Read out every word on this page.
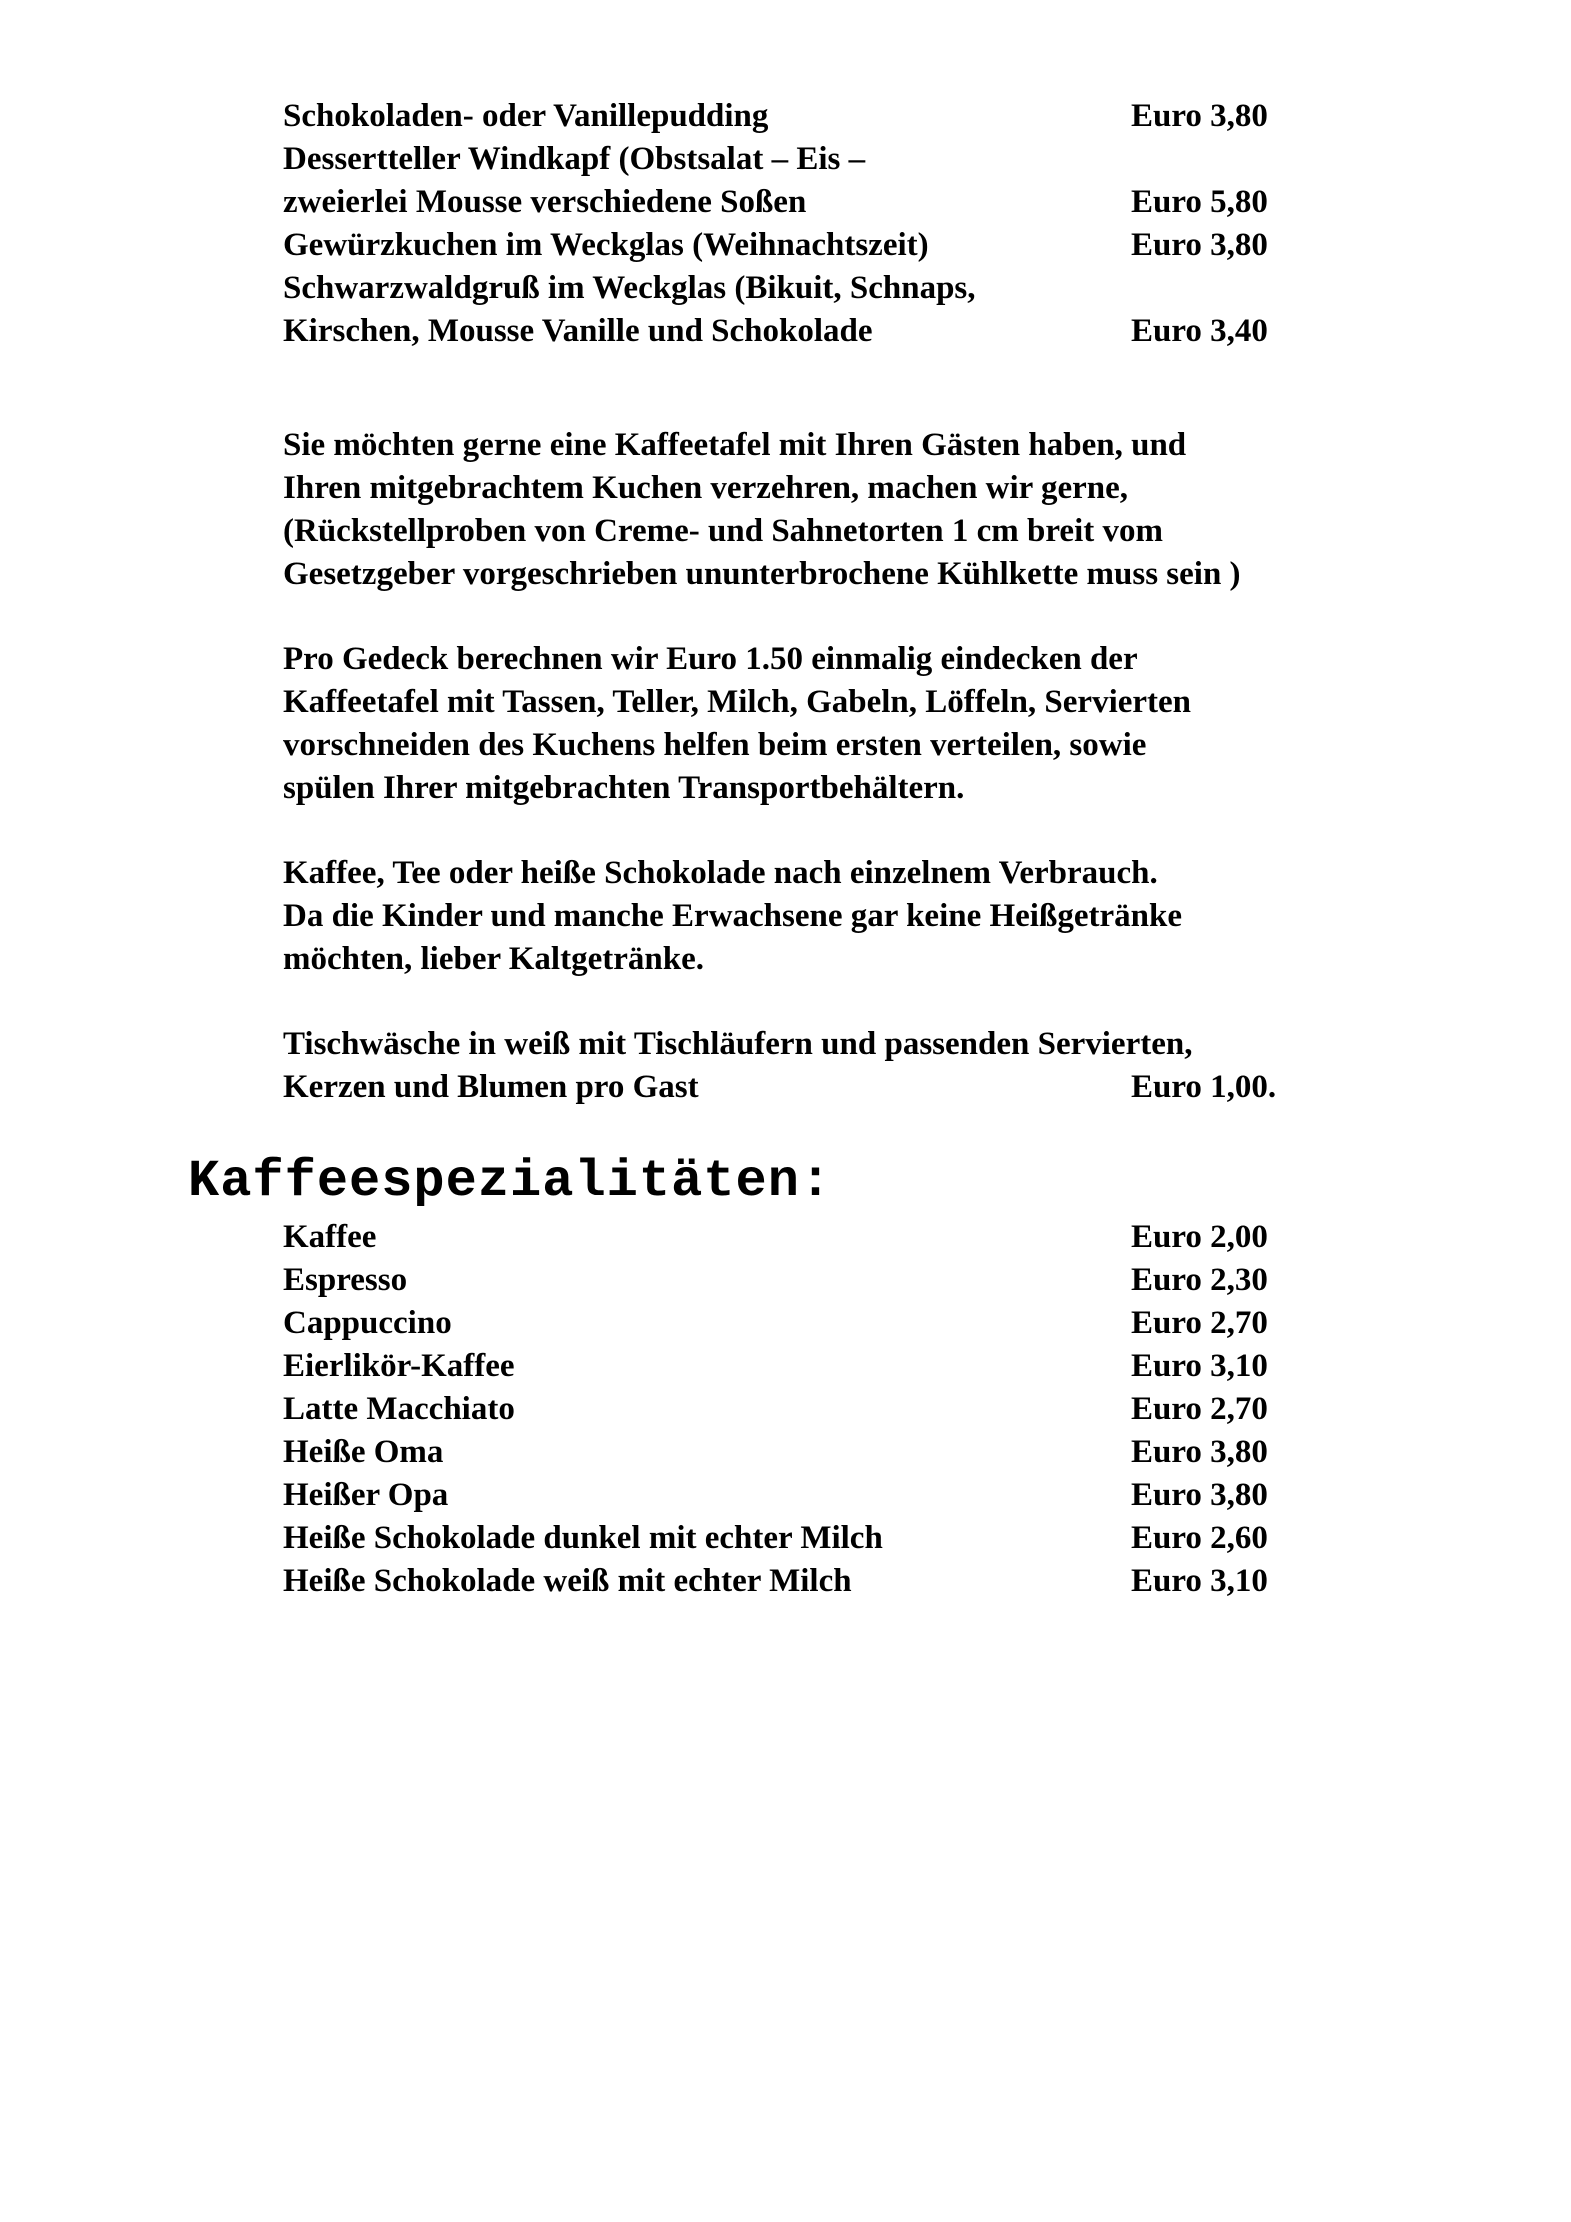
Schokoladen- oder Vanillepudding	Euro 3,80
Dessertteller Windkapf (Obstsalat – Eis –
zweierlei Mousse verschiedene Soßen	Euro 5,80
Gewürzkuchen im Weckglas (Weihnachtszeit)	Euro 3,80
Schwarzwaldgruß im Weckglas (Bikuit, Schnaps,
Kirschen, Mousse Vanille und Schokolade	Euro 3,40
Sie möchten gerne eine Kaffeetafel mit Ihren Gästen haben, und
Ihren mitgebrachtem Kuchen verzehren, machen wir gerne,
(Rückstellproben von Creme- und Sahnetorten 1 cm breit vom
Gesetzgeber vorgeschrieben ununterbrochene Kühlkette muss sein )
Pro Gedeck berechnen wir Euro 1.50 einmalig eindecken der
Kaffeetafel mit Tassen, Teller, Milch, Gabeln, Löffeln, Servierten
vorschneiden des Kuchens helfen beim ersten verteilen, sowie
spülen Ihrer mitgebrachten Transportbehältern.
Kaffee, Tee oder heiße Schokolade nach einzelnem Verbrauch.
Da die Kinder und manche Erwachsene gar keine Heißgetränke
möchten, lieber Kaltgetränke.
Tischwäsche in weiß mit Tischläufern und passenden Servierten,
Kerzen und Blumen pro Gast	Euro 1,00.
Kaffeespezialitäten:
Kaffee	Euro 2,00
Espresso	Euro 2,30
Cappuccino	Euro 2,70
Eierlikör-Kaffee	Euro 3,10
Latte Macchiato	Euro 2,70
Heiße Oma	Euro 3,80
Heißer Opa	Euro 3,80
Heiße Schokolade dunkel mit echter Milch	Euro 2,60
Heiße Schokolade weiß mit echter Milch	Euro 3,10
